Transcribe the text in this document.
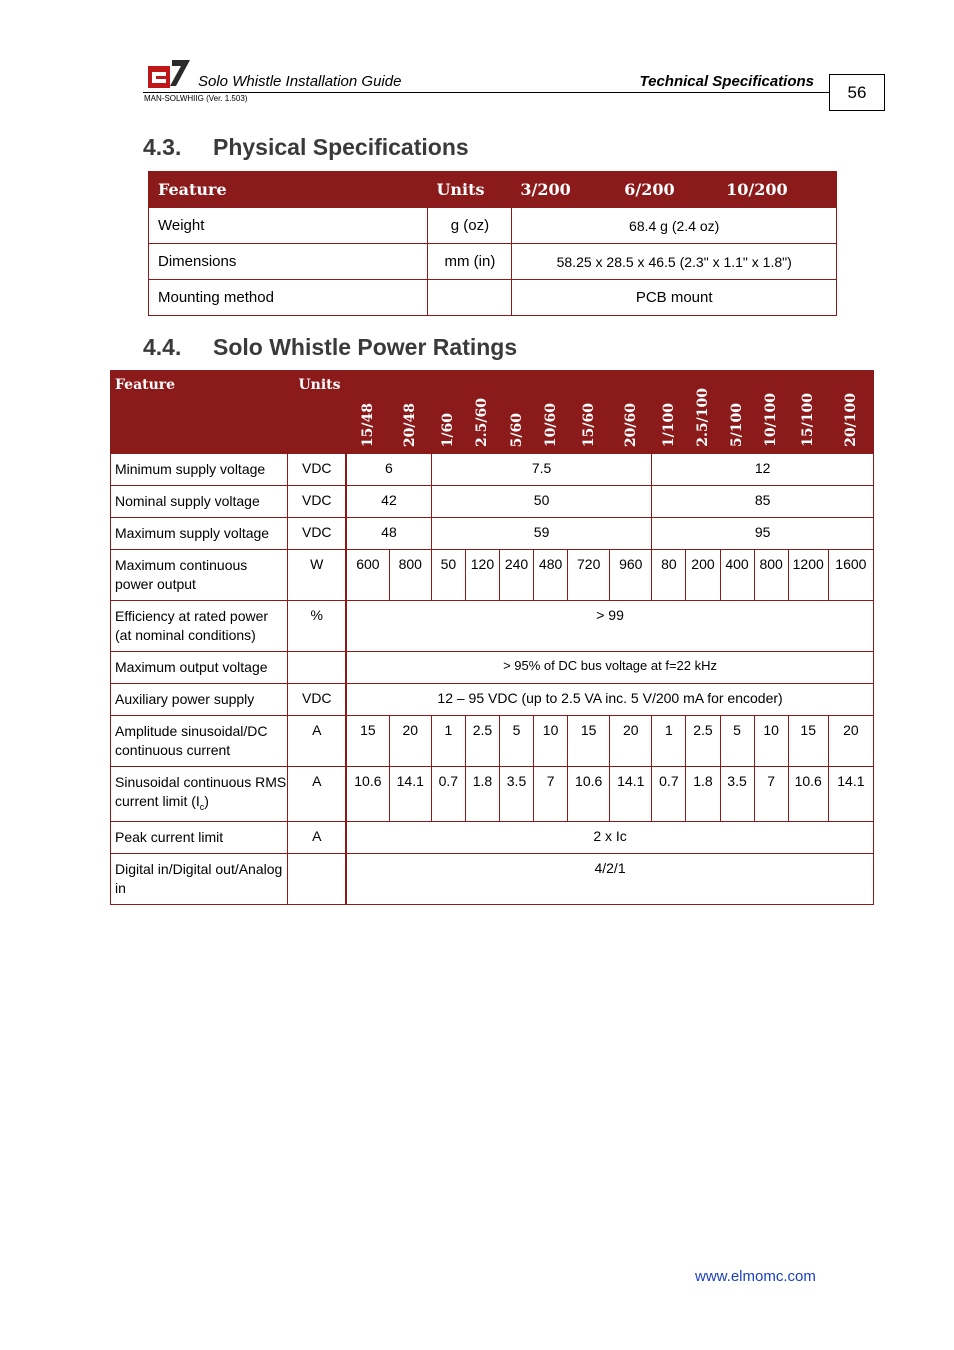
Solo Whistle Installation Guide	Technical Specifications
MAN-SOLWHIIG (Ver. 1.503)	56
4.3. Physical Specifications
Feature	Units	3/200	6/200	10/200
Weight	g (oz)	68.4 g (2.4 oz)		
Dimensions	mm (in)	58.25 x 28.5 x 46.5 (2.3" x 1.1" x 1.8")		
Mounting method		PCB mount		
4.4. Solo Whistle Power Ratings
Feature	Units	15/48	20/48	1/60	2.5/60	5/60	10/60	15/60	20/60	1/100	2.5/100	5/100	10/100	15/100	20/100

Minimum supply voltage	VDC	6		7.5						12					
Nominal supply voltage	VDC	42		50						85					
Maximum supply voltage	VDC	48		59						95					
Maximum continuous power output	W	600	800	50	120	240	480	720	960	80	200	400	800	1200	1600
Efficiency at rated power (at nominal conditions)	%	> 99													
Maximum output voltage		> 95% of DC bus voltage at f=22 kHz													
Auxiliary power supply	VDC	12 – 95 VDC (up to 2.5 VA inc. 5 V/200 mA for encoder)													
Amplitude sinusoidal/DC continuous current	A	15	20	1	2.5	5	10	15	20	1	2.5	5	10	15	20
Sinusoidal continuous RMS current limit $(I_c)$	A	10.6	14.1	0.7	1.8	3.5	7	10.6	14.1	0.7	1.8	3.5	7	10.6	14.1
Peak current limit	A	2 x Ic													
Digital in/Digital out/Analog in		4/2/1													
www.elmomc.com
